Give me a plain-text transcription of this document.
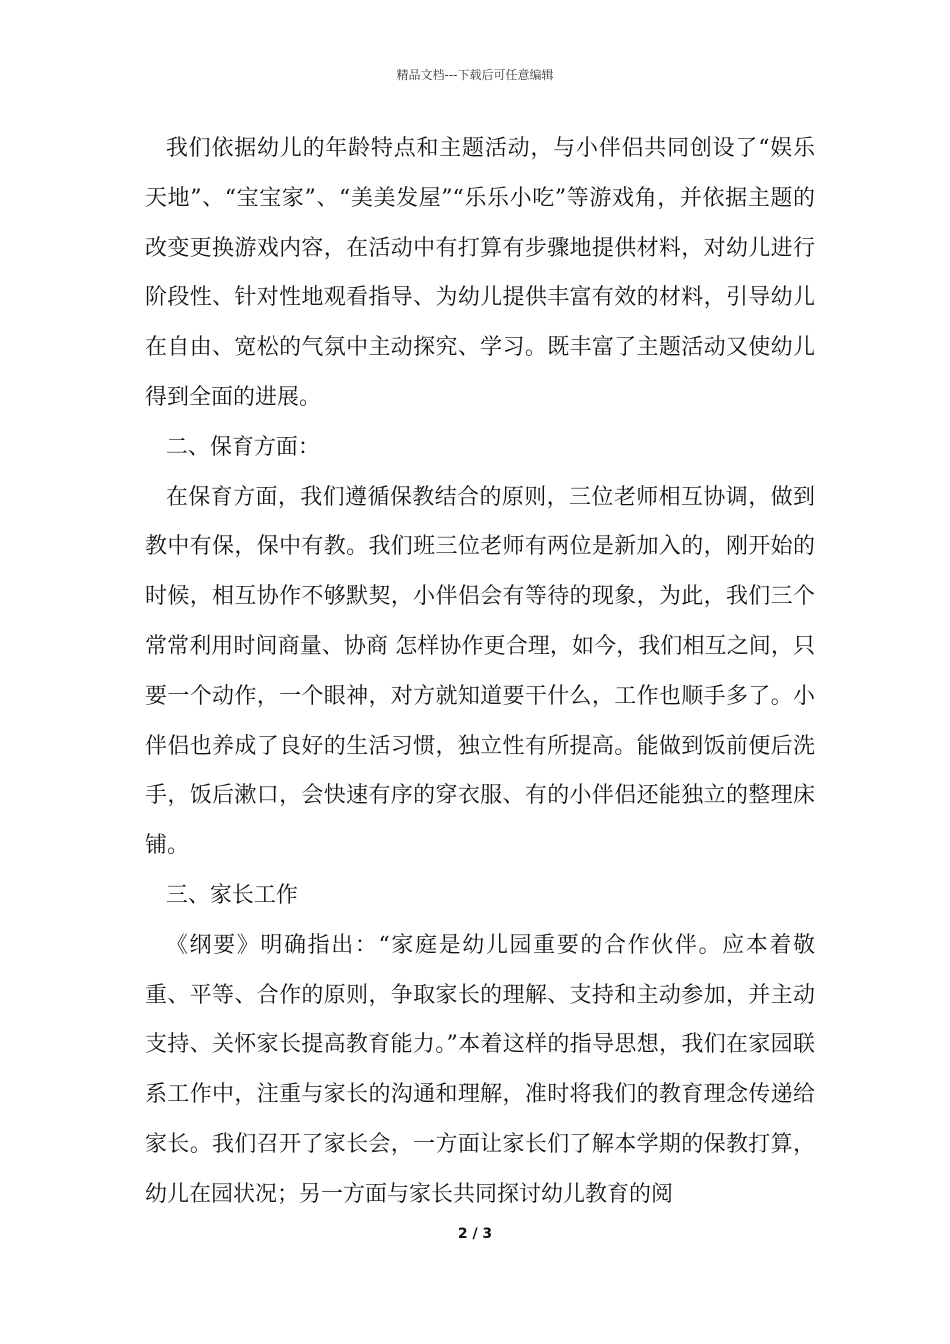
精品文档---下载后可任意编辑

我们依据幼儿的年龄特点和主题活动，与小伴侣共同创设了“娱乐天地”、“宝宝家”、“美美发屋”“乐乐小吃”等游戏角，并依据主题的改变更换游戏内容，在活动中有打算有步骤地提供材料，对幼儿进行阶段性、针对性地观看指导、为幼儿提供丰富有效的材料，引导幼儿在自由、宽松的气氛中主动探究、学习。既丰富了主题活动又使幼儿得到全面的进展。

二、保育方面：

在保育方面，我们遵循保教结合的原则，三位老师相互协调，做到教中有保，保中有教。我们班三位老师有两位是新加入的，刚开始的时候，相互协作不够默契，小伴侣会有等待的现象，为此，我们三个常常利用时间商量、协商 怎样协作更合理，如今，我们相互之间，只要一个动作，一个眼神，对方就知道要干什么，工作也顺手多了。小伴侣也养成了良好的生活习惯，独立性有所提高。能做到饭前便后洗手，饭后漱口，会快速有序的穿衣服、有的小伴侣还能独立的整理床铺。

三、家长工作

《纲要》明确指出：“家庭是幼儿园重要的合作伙伴。应本着敬重、平等、合作的原则，争取家长的理解、支持和主动参加，并主动支持、关怀家长提高教育能力。”本着这样的指导思想，我们在家园联系工作中，注重与家长的沟通和理解，准时将我们的教育理念传递给家长。我们召开了家长会，一方面让家长们了解本学期的保教打算，幼儿在园状况；另一方面与家长共同探讨幼儿教育的阅

2 / 3
